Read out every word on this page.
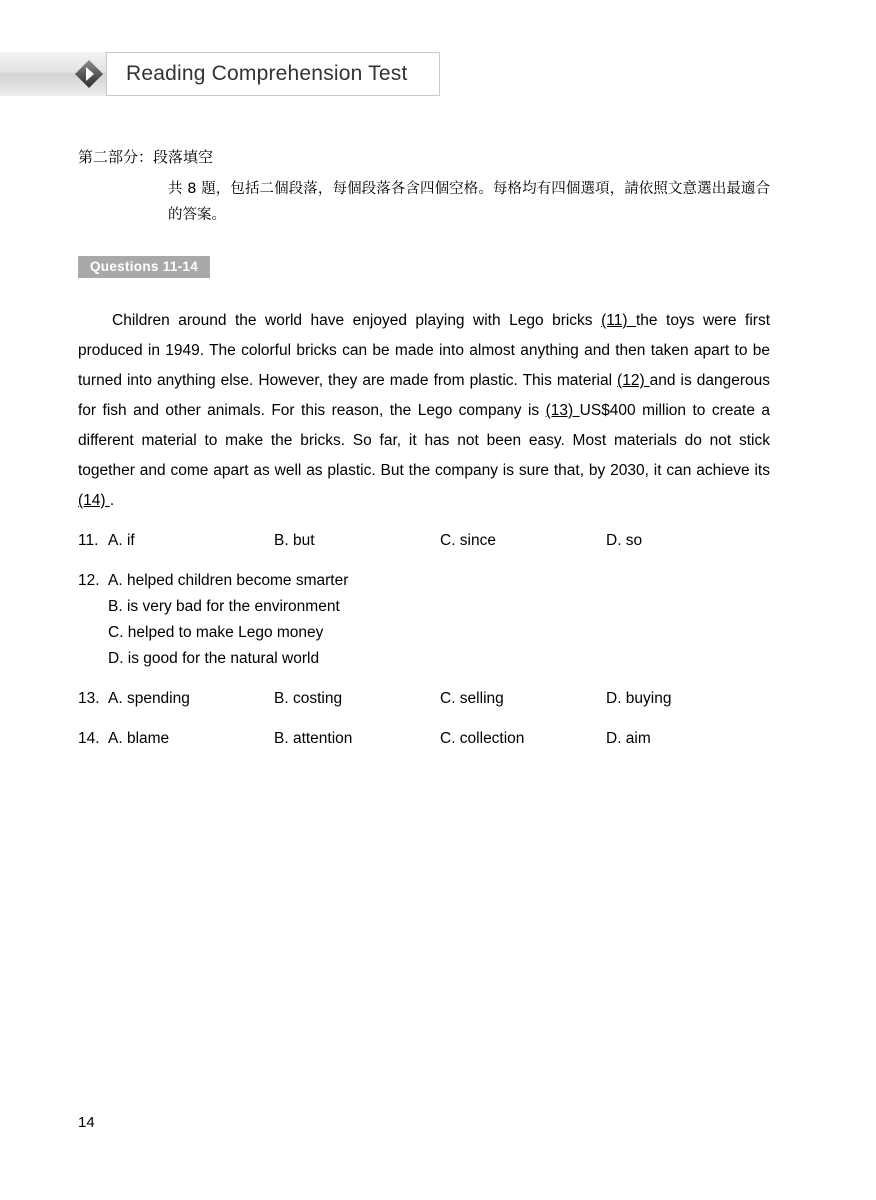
Reading Comprehension Test
第二部分：段落填空
共 8 題，包括二個段落，每個段落各含四個空格。每格均有四個選項，請依照文意選出最適合的答案。
Questions 11-14
Children around the world have enjoyed playing with Lego bricks (11) the toys were first produced in 1949. The colorful bricks can be made into almost anything and then taken apart to be turned into anything else. However, they are made from plastic. This material (12) and is dangerous for fish and other animals. For this reason, the Lego company is (13) US$400 million to create a different material to make the bricks. So far, it has not been easy. Most materials do not stick together and come apart as well as plastic. But the company is sure that, by 2030, it can achieve its (14) .
11. A. if	B. but	C. since	D. so
12. A. helped children become smarter
B. is very bad for the environment
C. helped to make Lego money
D. is good for the natural world
13. A. spending	B. costing	C. selling	D. buying
14. A. blame	B. attention	C. collection	D. aim
14
